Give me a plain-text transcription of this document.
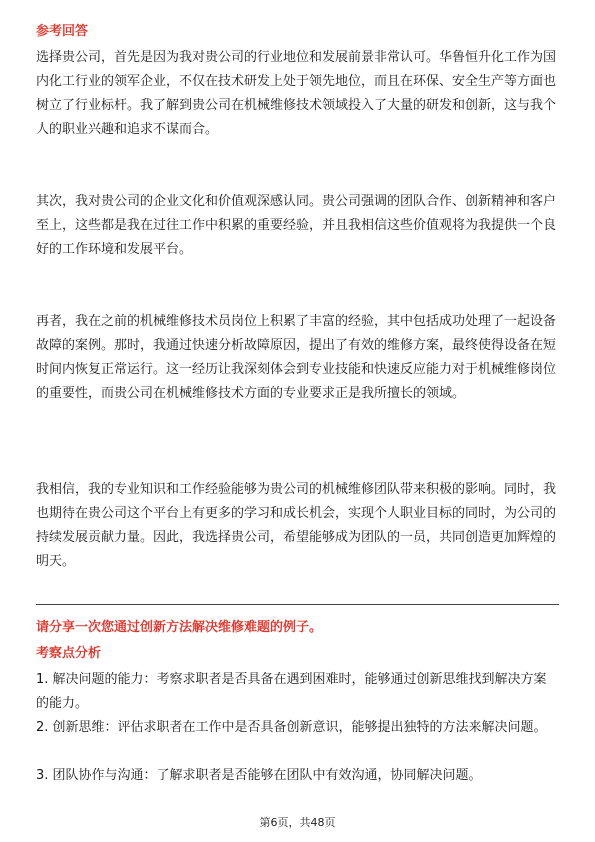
参考回答

选择贵公司，首先是因为我对贵公司的行业地位和发展前景非常认可。华鲁恒升化工作为国内化工行业的领军企业，不仅在技术研发上处于领先地位，而且在环保、安全生产等方面也树立了行业标杆。我了解到贵公司在机械维修技术领域投入了大量的研发和创新，这与我个人的职业兴趣和追求不谋而合。

其次，我对贵公司的企业文化和价值观深感认同。贵公司强调的团队合作、创新精神和客户至上，这些都是我在过往工作中积累的重要经验，并且我相信这些价值观将为我提供一个良好的工作环境和发展平台。

再者，我在之前的机械维修技术员岗位上积累了丰富的经验，其中包括成功处理了一起设备故障的案例。那时，我通过快速分析故障原因，提出了有效的维修方案，最终使得设备在短时间内恢复正常运行。这一经历让我深刻体会到专业技能和快速反应能力对于机械维修岗位的重要性，而贵公司在机械维修技术方面的专业要求正是我所擅长的领域。

我相信，我的专业知识和工作经验能够为贵公司的机械维修团队带来积极的影响。同时，我也期待在贵公司这个平台上有更多的学习和成长机会，实现个人职业目标的同时，为公司的持续发展贡献力量。因此，我选择贵公司，希望能够成为团队的一员，共同创造更加辉煌的明天。

请分享一次您通过创新方法解决维修难题的例子。

考察点分析

1. 解决问题的能力：考察求职者是否具备在遇到困难时，能够通过创新思维找到解决方案的能力。

2. 创新思维：评估求职者在工作中是否具备创新意识，能够提出独特的方法来解决问题。

3. 团队协作与沟通：了解求职者是否能够在团队中有效沟通，协同解决问题。

第6页，共48页
